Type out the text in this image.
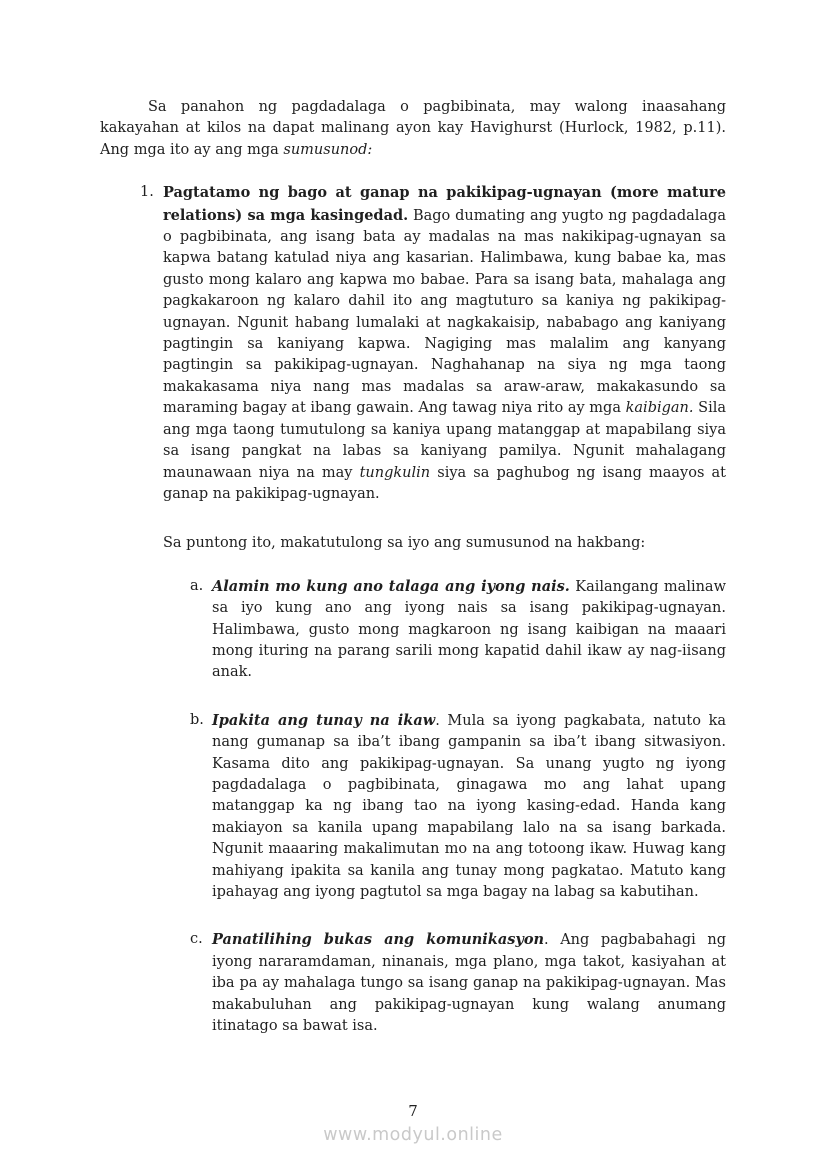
Sa panahon ng pagdadalaga o pagbibinata, may walong inaasahang kakayahan at kilos na dapat malinang ayon kay Havighurst (Hurlock, 1982, p.11). Ang mga ito ay ang mga sumusunod:

1. Pagtatamo ng bago at ganap na pakikipag-ugnayan (more mature relations) sa mga kasingedad. Bago dumating ang yugto ng pagdadalaga o pagbibinata, ang isang bata ay madalas na mas nakikipag-ugnayan sa kapwa batang katulad niya ang kasarian. Halimbawa, kung babae ka, mas gusto mong kalaro ang kapwa mo babae. Para sa isang bata, mahalaga ang pagkakaroon ng kalaro dahil ito ang magtuturo sa kaniya ng pakikipag-ugnayan. Ngunit habang lumalaki at nagkakaisip, nababago ang kaniyang pagtingin sa kaniyang kapwa. Nagiging mas malalim ang kanyang pagtingin sa pakikipag-ugnayan. Naghahanap na siya ng mga taong makakasama niya nang mas madalas sa araw-araw, makakasundo sa maraming bagay at ibang gawain. Ang tawag niya rito ay mga kaibigan. Sila ang mga taong tumutulong sa kaniya upang matanggap at mapabilang siya sa isang pangkat na labas sa kaniyang pamilya. Ngunit mahalagang maunawaan niya na may tungkulin siya sa paghubog ng isang maayos at ganap na pakikipag-ugnayan.

Sa puntong ito, makatutulong sa iyo ang sumusunod na hakbang:

a. Alamin mo kung ano talaga ang iyong nais. Kailangang malinaw sa iyo kung ano ang iyong nais sa isang pakikipag-ugnayan. Halimbawa, gusto mong magkaroon ng isang kaibigan na maaari mong ituring na parang sarili mong kapatid dahil ikaw ay nag-iisang anak.

b. Ipakita ang tunay na ikaw. Mula sa iyong pagkabata, natuto ka nang gumanap sa iba’t ibang gampanin sa iba’t ibang sitwasiyon. Kasama dito ang pakikipag-ugnayan. Sa unang yugto ng iyong pagdadalaga o pagbibinata, ginagawa mo ang lahat upang matanggap ka ng ibang tao na iyong kasing-edad. Handa kang makiayon sa kanila upang mapabilang lalo na sa isang barkada. Ngunit maaaring makalimutan mo na ang totoong ikaw. Huwag kang mahiyang ipakita sa kanila ang tunay mong pagkatao. Matuto kang ipahayag ang iyong pagtutol sa mga bagay na labag sa kabutihan.

c. Panatilihing bukas ang komunikasyon. Ang pagbabahagi ng iyong nararamdaman, ninanais, mga plano, mga takot, kasiyahan at iba pa ay mahalaga tungo sa isang ganap na pakikipag-ugnayan. Mas makabuluhan ang pakikipag-ugnayan kung walang anumang itinatago sa bawat isa.

7
www.modyul.online
